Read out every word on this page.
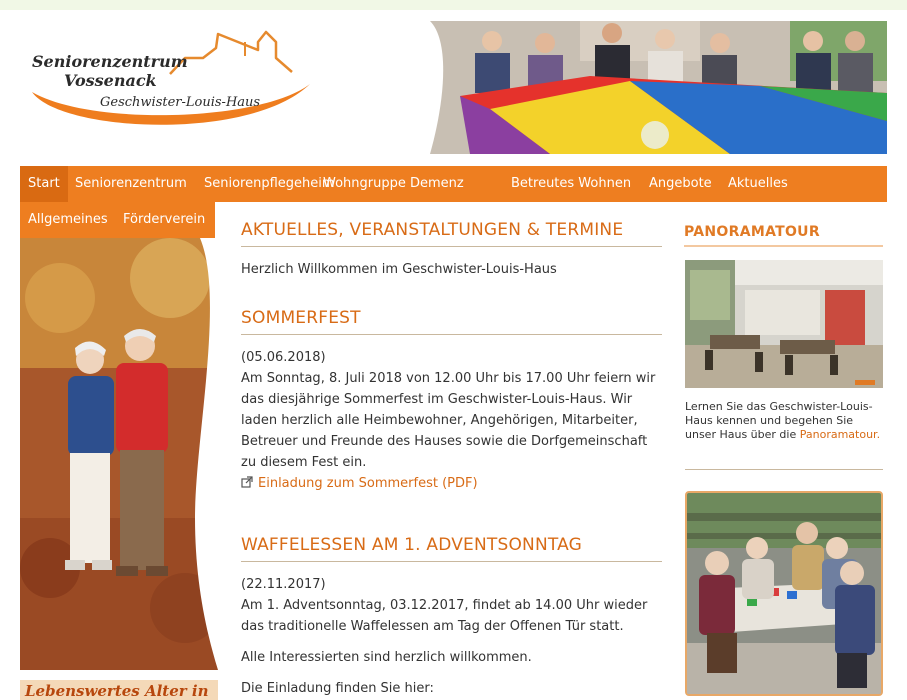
Seniorenzentrum
Vossenack
Geschwister-Louis-Haus
Start	Seniorenzentrum	Seniorenpflegeheim
Wohngruppe Demenz	Betreutes Wohnen	Angebote	Aktuelles
Allgemeines	Förderverein
Lebenswertes Alter in
AKTUELLES, VERANSTALTUNGEN & TERMINE
Herzlich Willkommen im Geschwister-Louis-Haus
SOMMERFEST
(05.06.2018)
Am Sonntag, 8. Juli 2018 von 12.00 Uhr bis 17.00 Uhr feiern wir das diesjährige Sommerfest im Geschwister-Louis-Haus. Wir laden herzlich alle Heimbewohner, Angehörigen, Mitarbeiter, Betreuer und Freunde des Hauses sowie die Dorfgemeinschaft zu diesem Fest ein.
Einladung zum Sommerfest (PDF)
WAFFELESSEN AM 1. ADVENTSONNTAG
(22.11.2017)
Am 1. Adventsonntag, 03.12.2017, findet ab 14.00 Uhr wieder das traditionelle Waffelessen am Tag der Offenen Tür statt.
Alle Interessierten sind herzlich willkommen.
Die Einladung finden Sie hier:
PANORAMATOUR
Lernen Sie das Geschwister-Louis-Haus kennen und begehen Sie unser Haus über die Panoramatour.
